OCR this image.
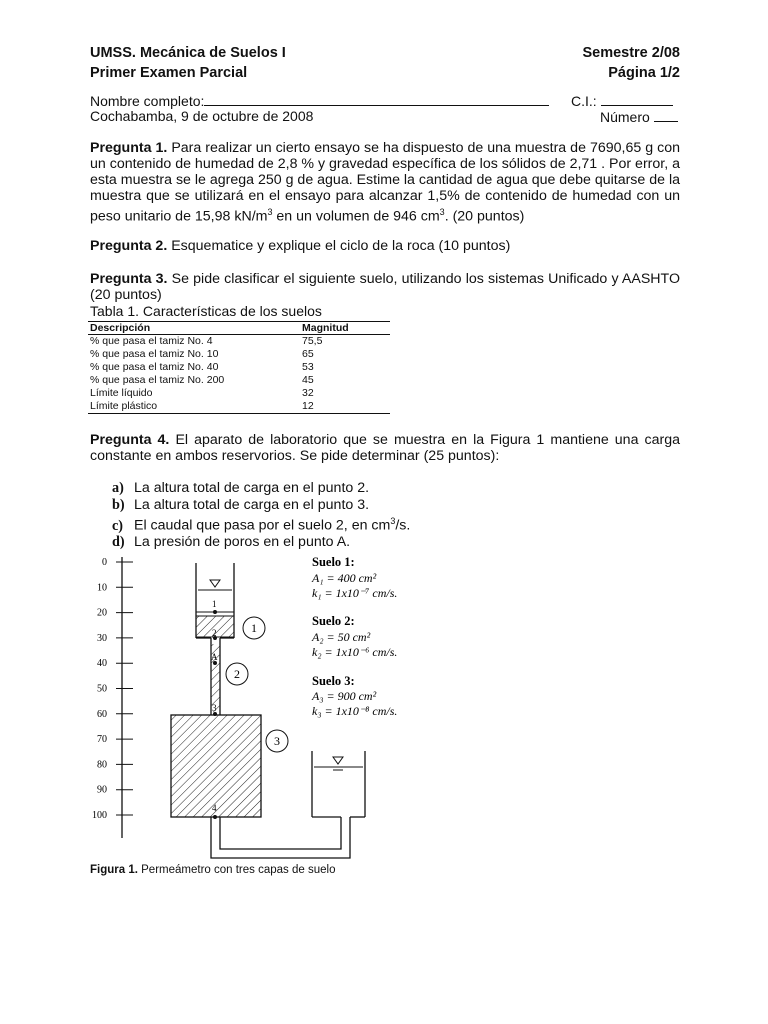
UMSS. Mecánica de Suelos I	Semestre 2/08
Primer Examen Parcial	Página 1/2
Nombre completo:	C.I.:
Cochabamba, 9 de octubre de 2008	Número
Pregunta 1. Para realizar un cierto ensayo se ha dispuesto de una muestra de 7690,65 g con un contenido de humedad de 2,8 % y gravedad específica de los sólidos de 2,71 . Por error, a esta muestra se le agrega 250 g de agua. Estime la cantidad de agua que debe quitarse de la muestra que se utilizará en el ensayo para alcanzar 1,5% de contenido de humedad con un peso unitario de 15,98 $kN/m^3$ en un volumen de 946 $cm^3$. (20 puntos)
Pregunta 2. Esquematice y explique el ciclo de la roca (10 puntos)
Pregunta 3. Se pide clasificar el siguiente suelo, utilizando los sistemas Unificado y AASHTO (20 puntos)
Tabla 1. Características de los suelos
Descripción	Magnitud
% que pasa el tamiz No. 4	75,5
% que pasa el tamiz No. 10	65
% que pasa el tamiz No. 40	53
% que pasa el tamiz No. 200	45
Límite líquido	32
Límite plástico	12
Pregunta 4. El aparato de laboratorio que se muestra en la Figura 1 mantiene una carga constante en ambos reservorios. Se pide determinar (25 puntos):
a) La altura total de carga en el punto 2.
b) La altura total de carga en el punto 3.
c) El caudal que pasa por el suelo 2, en $cm^3/s$.
d) La presión de poros en el punto A.
0
10
20
30
40
50
60
70
80
90
100
1
2
A
3
4
1
2
3
Suelo 1:
A₁ = 400 cm²
k₁ = 1x10⁻⁷ cm/s.
Suelo 2:
A₂ = 50 cm²
k₂ = 1x10⁻⁶ cm/s.
Suelo 3:
A₃ = 900 cm²
k₃ = 1x10⁻⁸ cm/s.
Figura 1. Permeámetro con tres capas de suelo
